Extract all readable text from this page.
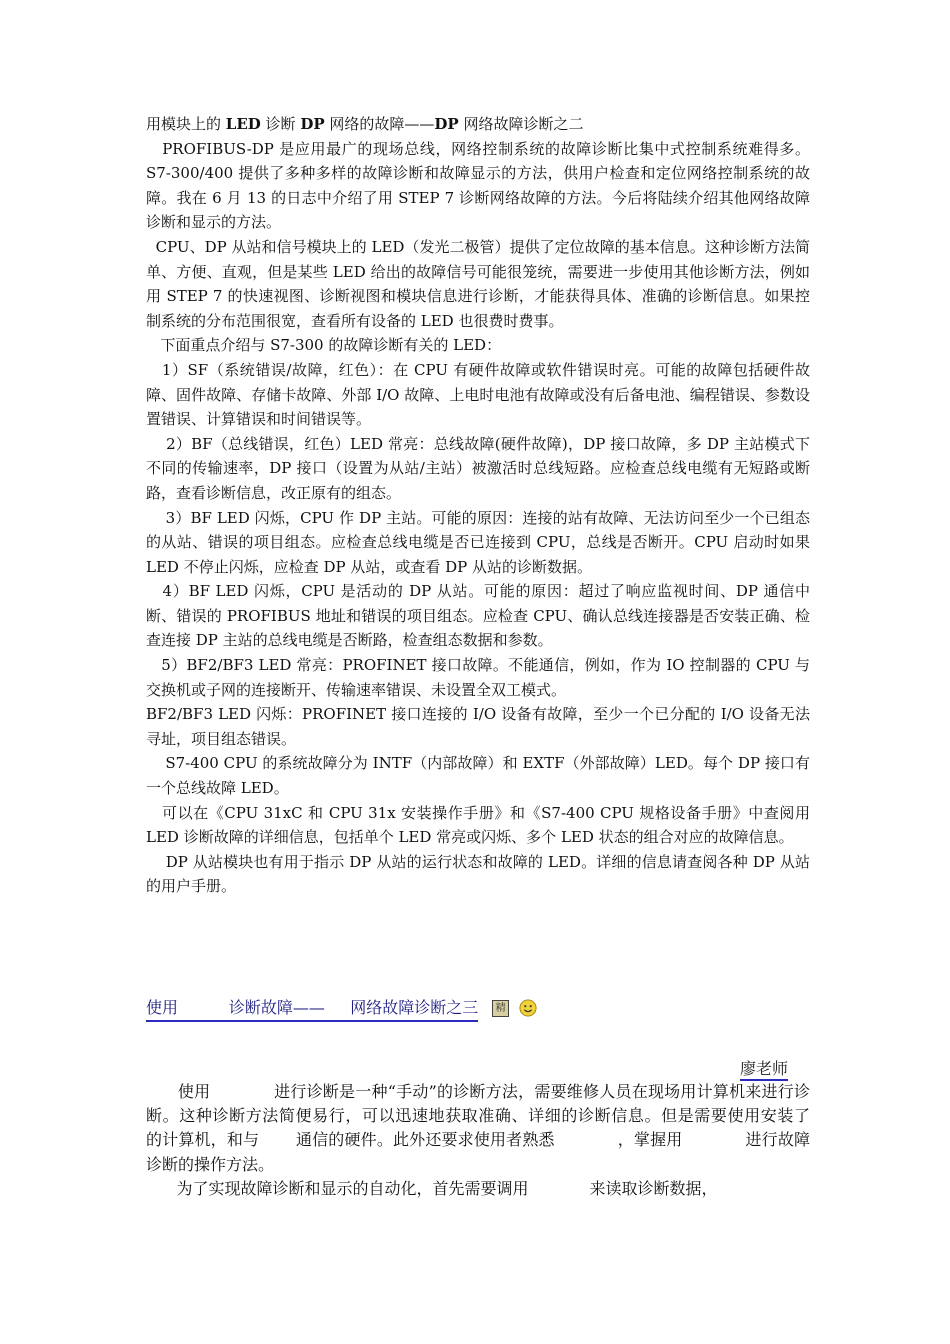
用模块上的 LED 诊断 DP 网络的故障——DP 网络故障诊断之二

PROFIBUS-DP 是应用最广的现场总线，网络控制系统的故障诊断比集中式控制系统难得多。S7-300/400 提供了多种多样的故障诊断和故障显示的方法，供用户检查和定位网络控制系统的故障。我在 6 月 13 的日志中介绍了用 STEP 7 诊断网络故障的方法。今后将陆续介绍其他网络故障诊断和显示的方法。

CPU、DP 从站和信号模块上的 LED（发光二极管）提供了定位故障的基本信息。这种诊断方法简单、方便、直观，但是某些 LED 给出的故障信号可能很笼统，需要进一步使用其他诊断方法，例如用 STEP 7 的快速视图、诊断视图和模块信息进行诊断，才能获得具体、准确的诊断信息。如果控制系统的分布范围很宽，查看所有设备的 LED 也很费时费事。

下面重点介绍与 S7-300 的故障诊断有关的 LED：

1）SF（系统错误/故障，红色）：在 CPU 有硬件故障或软件错误时亮。可能的故障包括硬件故障、固件故障、存储卡故障、外部 I/O 故障、上电时电池有故障或没有后备电池、编程错误、参数设置错误、计算错误和时间错误等。

2）BF（总线错误，红色）LED 常亮：总线故障(硬件故障)，DP 接口故障，多 DP 主站模式下不同的传输速率，DP 接口（设置为从站/主站）被激活时总线短路。应检查总线电缆有无短路或断路，查看诊断信息，改正原有的组态。

3）BF LED 闪烁，CPU 作 DP 主站。可能的原因：连接的站有故障、无法访问至少一个已组态的从站、错误的项目组态。应检查总线电缆是否已连接到 CPU，总线是否断开。CPU 启动时如果 LED 不停止闪烁，应检查 DP 从站，或查看 DP 从站的诊断数据。

4）BF LED 闪烁，CPU 是活动的 DP 从站。可能的原因：超过了响应监视时间、DP 通信中断、错误的 PROFIBUS 地址和错误的项目组态。应检查 CPU、确认总线连接器是否安装正确、检查连接 DP 主站的总线电缆是否断路，检查组态数据和参数。

5）BF2/BF3 LED 常亮：PROFINET 接口故障。不能通信，例如，作为 IO 控制器的 CPU 与交换机或子网的连接断开、传输速率错误、未设置全双工模式。

BF2/BF3 LED 闪烁：PROFINET 接口连接的 I/O 设备有故障，至少一个已分配的 I/O 设备无法寻址，项目组态错误。

S7-400 CPU 的系统故障分为 INTF（内部故障）和 EXTF（外部故障）LED。每个 DP 接口有一个总线故障 LED。

可以在《CPU 31xC 和 CPU 31x 安装操作手册》和《S7-400 CPU 规格设备手册》中查阅用 LED 诊断故障的详细信息，包括单个 LED 常亮或闪烁、多个 LED 状态的组合对应的故障信息。

DP 从站模块也有用于指示 DP 从站的运行状态和故障的 LED。详细的信息请查阅各种 DP 从站的用户手册。

使用          诊断故障——     网络故障诊断之三	精
廖老师

使用            进行诊断是一种“手动”的诊断方法，需要维修人员在现场用计算机来进行诊断。这种诊断方法简便易行，可以迅速地获取准确、详细的诊断信息。但是需要使用安装了            的计算机，和与       通信的硬件。此外还要求使用者熟悉            ，掌握用            进行故障诊断的操作方法。

为了实现故障诊断和显示的自动化，首先需要调用            来读取诊断数据，
